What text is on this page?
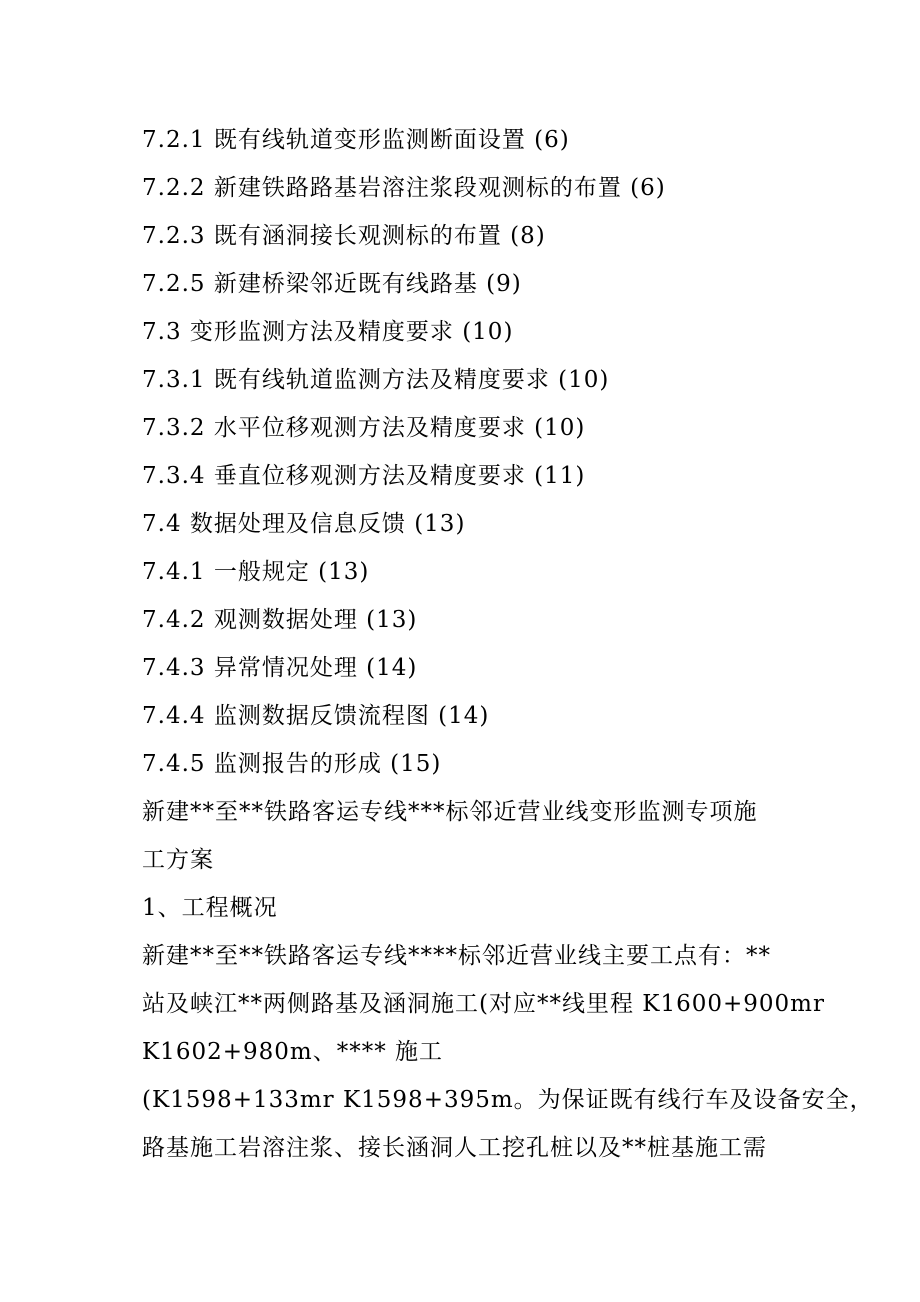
7.2.1 既有线轨道变形监测断面设置 (6)
7.2.2 新建铁路路基岩溶注浆段观测标的布置 (6)
7.2.3 既有涵洞接长观测标的布置 (8)
7.2.5 新建桥梁邻近既有线路基 (9)
7.3 变形监测方法及精度要求 (10)
7.3.1 既有线轨道监测方法及精度要求 (10)
7.3.2 水平位移观测方法及精度要求 (10)
7.3.4 垂直位移观测方法及精度要求 (11)
7.4 数据处理及信息反馈 (13)
7.4.1 一般规定 (13)
7.4.2 观测数据处理 (13)
7.4.3 异常情况处理 (14)
7.4.4 监测数据反馈流程图 (14)
7.4.5 监测报告的形成 (15)
新建**至**铁路客运专线***标邻近营业线变形监测专项施
工方案
1、工程概况
新建**至**铁路客运专线****标邻近营业线主要工点有：**
站及峡江**两侧路基及涵洞施工(对应**线里程 K1600+900mr
K1602+980m、**** 施工
(K1598+133mr K1598+395m。为保证既有线行车及设备安全，
路基施工岩溶注浆、接长涵洞人工挖孔桩以及**桩基施工需
